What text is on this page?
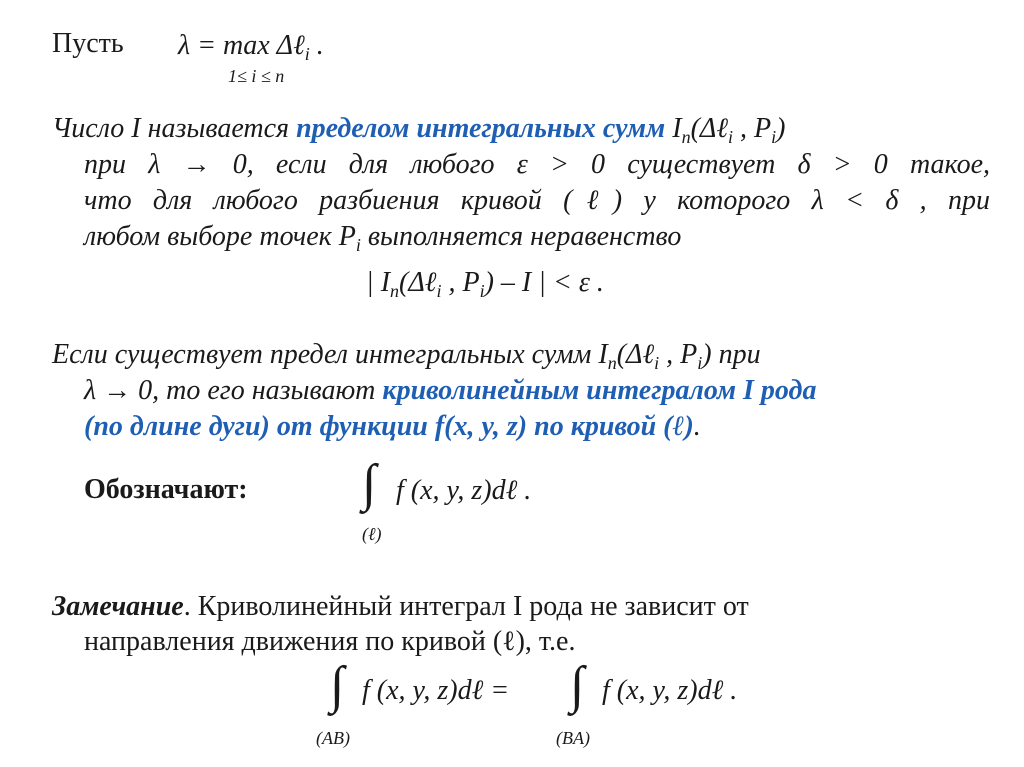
Пусть λ = max Δℓ$_i$ .
1≤ i ≤ n
Число I называется пределом интегральных сумм $I_n(\Delta\ell_i$ , $P_i$)
при λ → 0, если для любого ε > 0 существует δ > 0 такое,
что для любого разбиения кривой (ℓ) у которого λ < δ , при
любом выборе точек $P_i$ выполняется неравенство
| $I_n(\Delta\ell_i$ , $P_i$) – I | < ε .
Если существует предел интегральных сумм $I_n(\Delta\ell_i$ , $P_i$) при
λ → 0, то его называют криволинейным интегралом I рода
(по длине дуги) от функции f(x, y, z) по кривой (ℓ).
Обозначают: ∫ f (x, y, z)dℓ .
(ℓ)
Замечание. Криволинейный интеграл I рода не зависит от
направления движения по кривой (ℓ), т.е.
∫ f (x, y, z)dℓ =
(AB)
∫ f (x, y, z)dℓ .
(BA)
